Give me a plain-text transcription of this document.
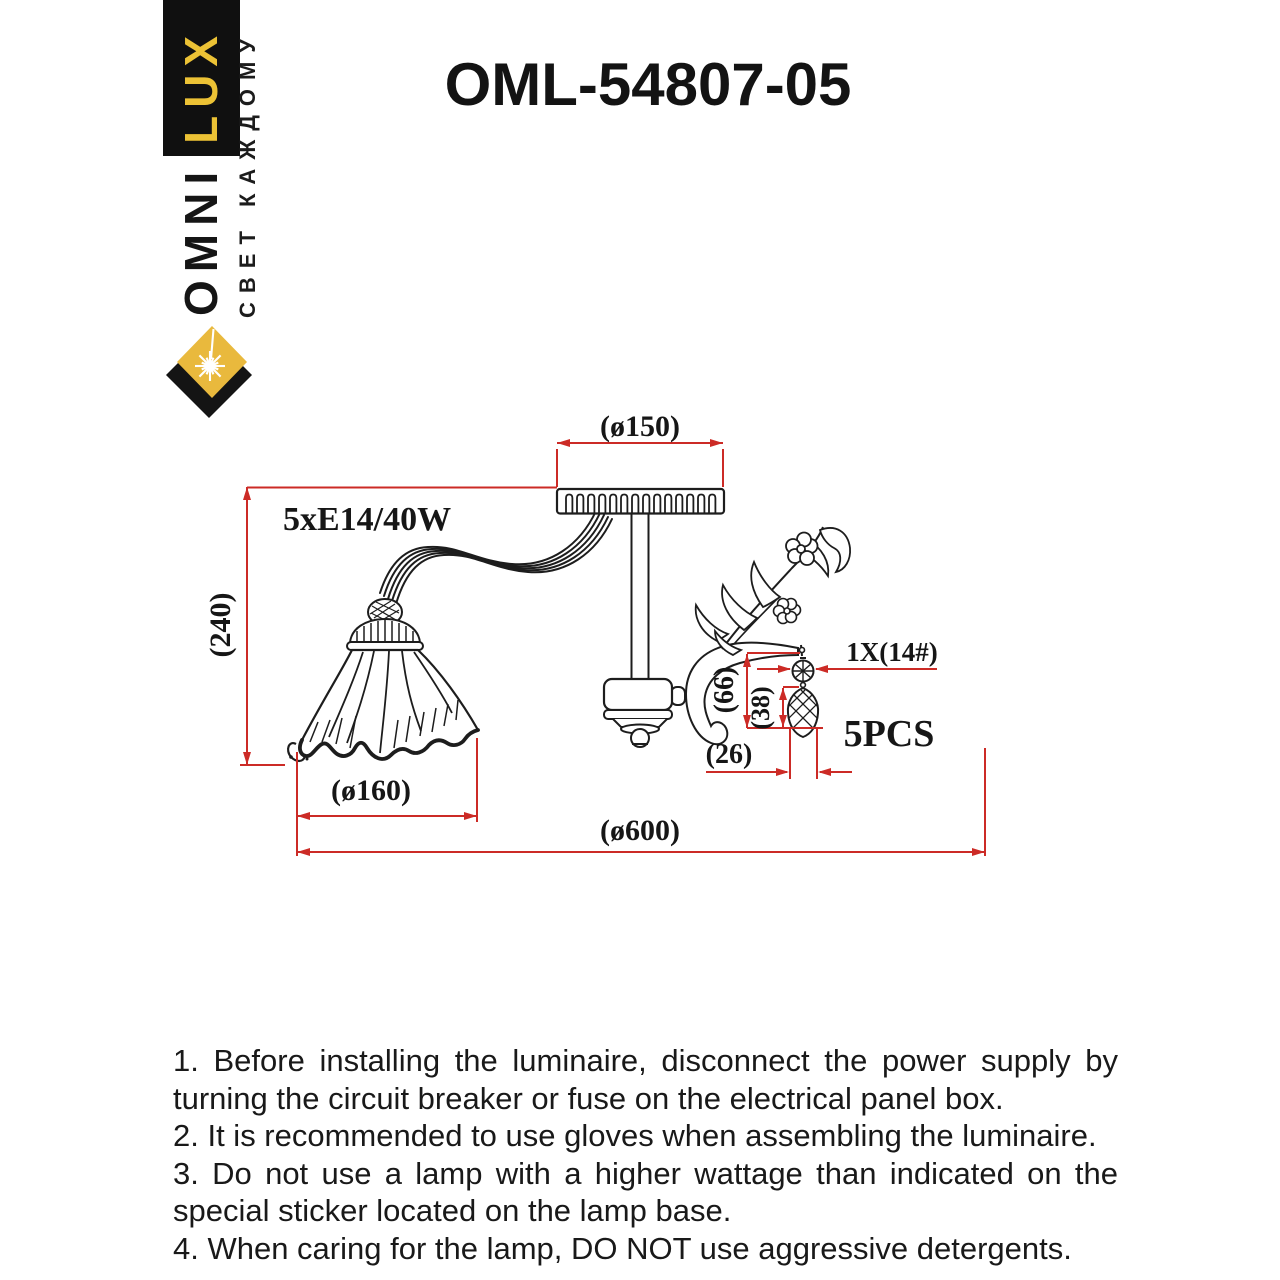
OMNILUX СВЕТ КАЖДОМУ	OML-54807-05
5xE14/40W
(ø150)
(240)
(ø160)
(ø600)
(66) (38)
(26)
1X(14#)
5PCS

1. Before installing the luminaire, disconnect the power supply by turning the circuit breaker or fuse on the electrical panel box.

2. It is recommended to use gloves when assembling the luminaire.

3. Do not use a lamp with a higher wattage than indicated on the special sticker located on the lamp base.

4. When caring for the lamp, DO NOT use aggressive detergents.
